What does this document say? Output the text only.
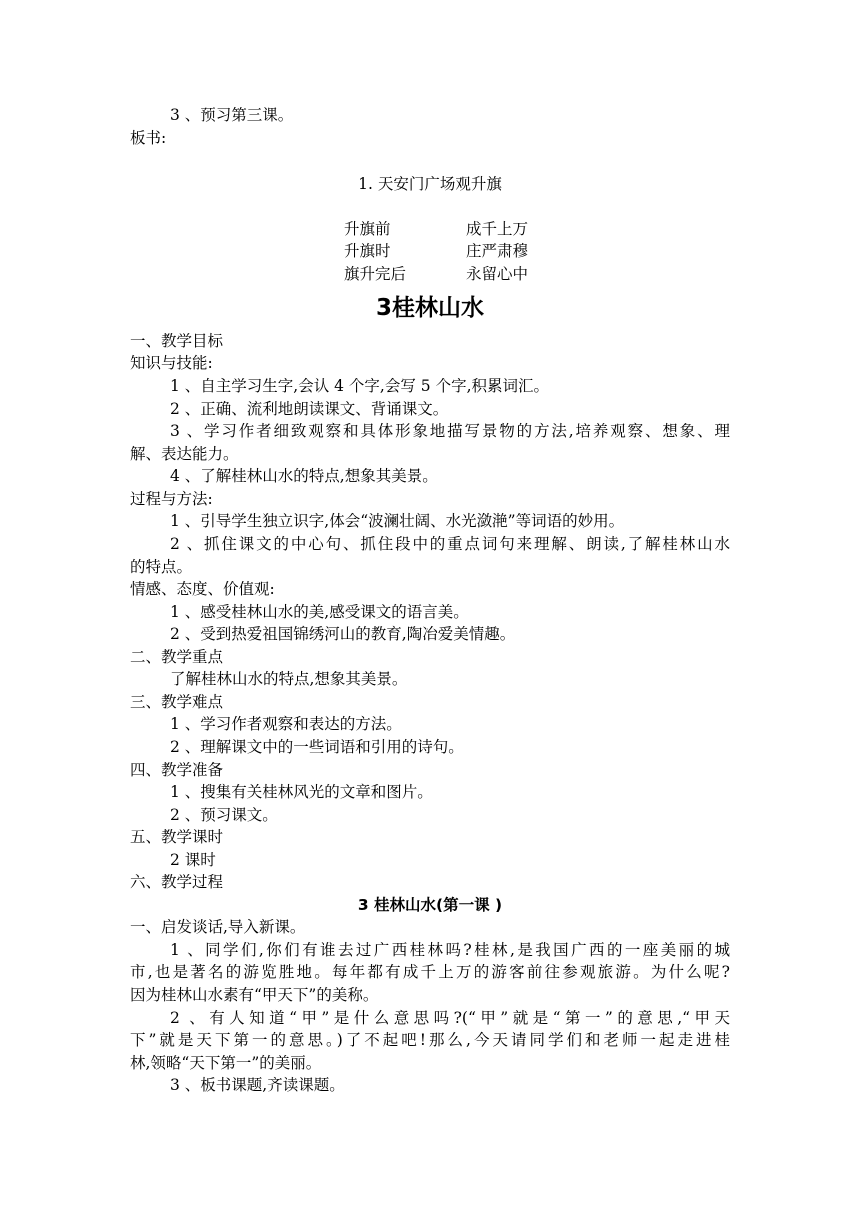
3 、预习第三课。
板书:
1. 天安门广场观升旗
升旗前	成千上万
升旗时	庄严肃穆
旗升完后	永留心中
3桂林山水
一、教学目标
知识与技能:
1 、自主学习生字,会认 4 个字,会写 5 个字,积累词汇。
2 、正确、流利地朗读课文、背诵课文。
3 、学习作者细致观察和具体形象地描写景物的方法,培养观察、想象、理
解、表达能力。
4 、了解桂林山水的特点,想象其美景。
过程与方法:
1 、引导学生独立识字,体会“波澜壮阔、水光潋滟”等词语的妙用。
2 、抓住课文的中心句、抓住段中的重点词句来理解、朗读,了解桂林山水
的特点。
情感、态度、价值观:
1 、感受桂林山水的美,感受课文的语言美。
2 、受到热爱祖国锦绣河山的教育,陶冶爱美情趣。
二、教学重点
了解桂林山水的特点,想象其美景。
三、教学难点
1 、学习作者观察和表达的方法。
2 、理解课文中的一些词语和引用的诗句。
四、教学准备
1 、搜集有关桂林风光的文章和图片。
2 、预习课文。
五、教学课时
2 课时
六、教学过程
3 桂林山水(第一课 )
一、启发谈话,导入新课。
1 、同学们,你们有谁去过广西桂林吗?桂林,是我国广西的一座美丽的城
市,也是著名的游览胜地。每年都有成千上万的游客前往参观旅游。为什么呢?
因为桂林山水素有“甲天下”的美称。
2 、有人知道“甲”是什么意思吗?(“甲”就是“第一”的意思,“甲天
下”就是天下第一的意思。)了不起吧!那么,今天请同学们和老师一起走进桂
林,领略“天下第一”的美丽。
3 、板书课题,齐读课题。
